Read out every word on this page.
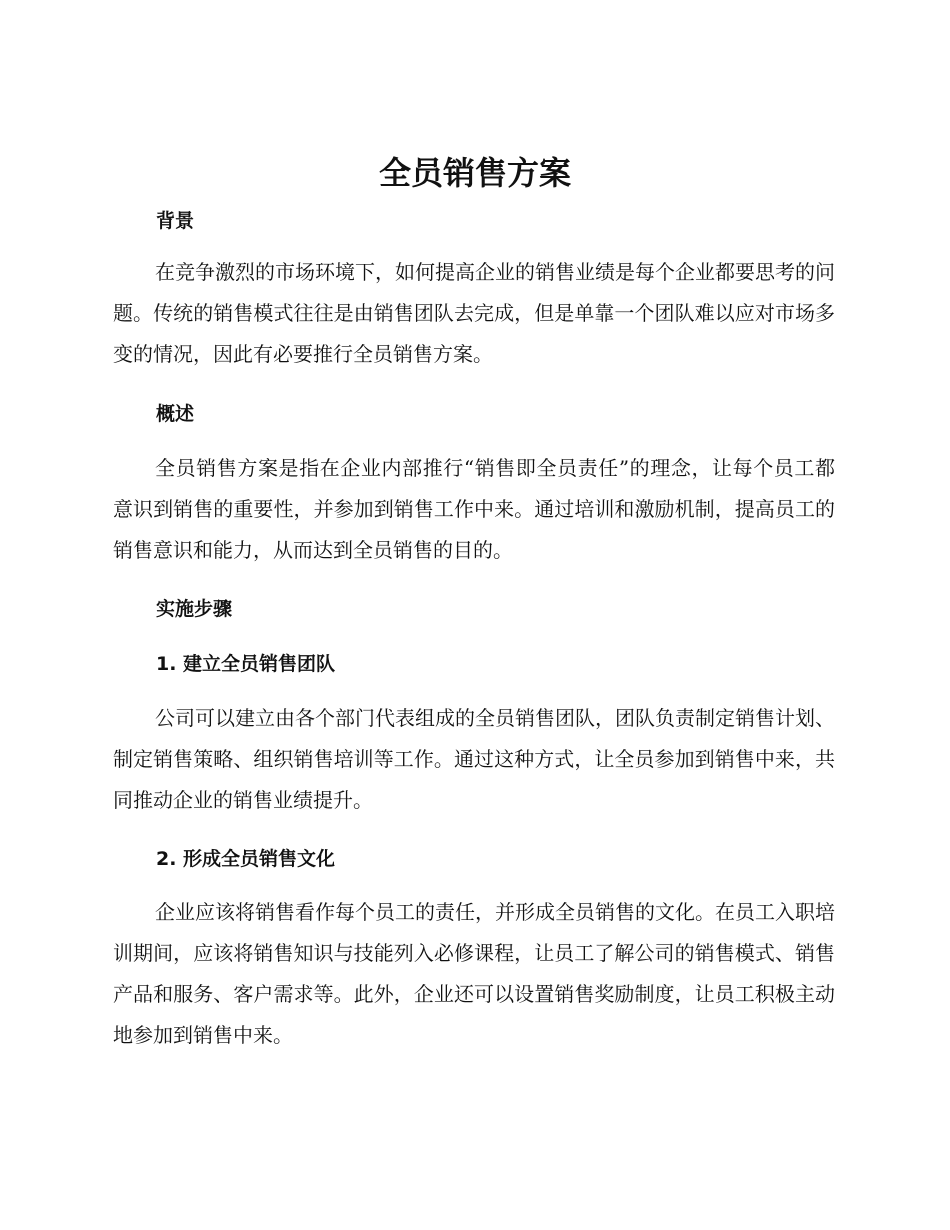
全员销售方案
背景

在竞争激烈的市场环境下，如何提高企业的销售业绩是每个企业都要思考的问题。传统的销售模式往往是由销售团队去完成，但是单靠一个团队难以应对市场多变的情况，因此有必要推行全员销售方案。

概述

全员销售方案是指在企业内部推行“销售即全员责任”的理念，让每个员工都意识到销售的重要性，并参加到销售工作中来。通过培训和激励机制，提高员工的销售意识和能力，从而达到全员销售的目的。

实施步骤
1. 建立全员销售团队

公司可以建立由各个部门代表组成的全员销售团队，团队负责制定销售计划、制定销售策略、组织销售培训等工作。通过这种方式，让全员参加到销售中来，共同推动企业的销售业绩提升。

2. 形成全员销售文化

企业应该将销售看作每个员工的责任，并形成全员销售的文化。在员工入职培训期间，应该将销售知识与技能列入必修课程，让员工了解公司的销售模式、销售产品和服务、客户需求等。此外，企业还可以设置销售奖励制度，让员工积极主动地参加到销售中来。
